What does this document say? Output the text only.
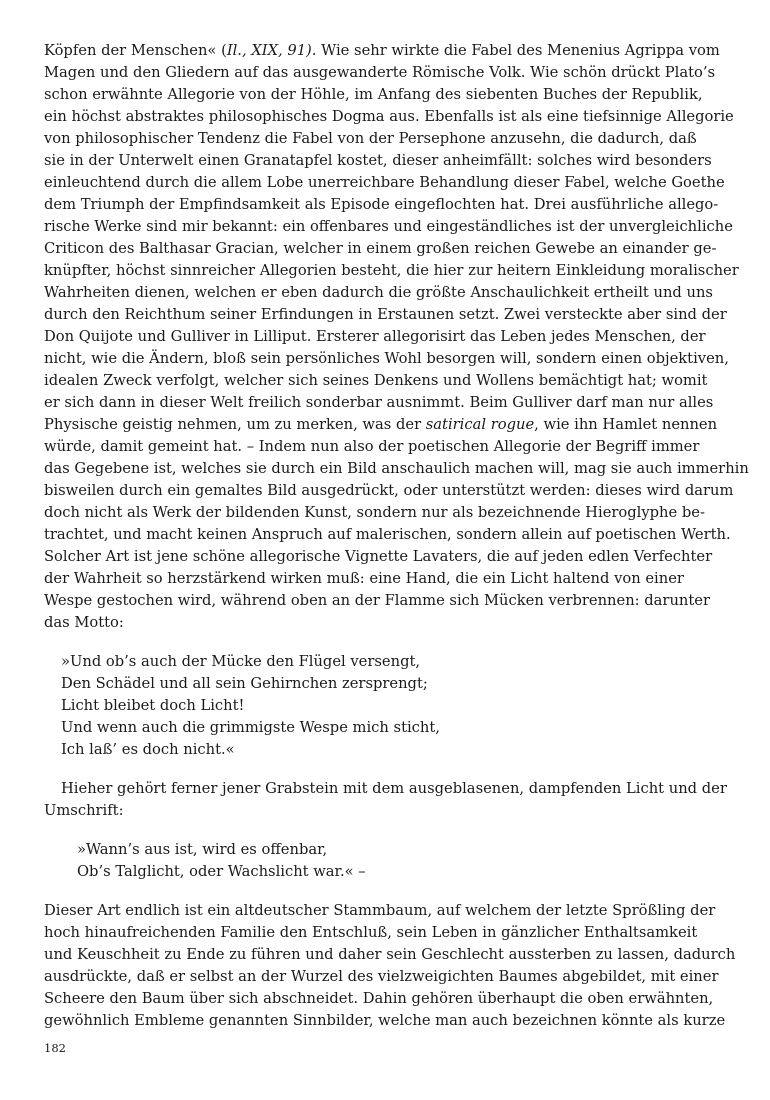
Köpfen der Menschen« (Il., XIX, 91). Wie sehr wirkte die Fabel des Menenius Agrippa vom
Magen und den Gliedern auf das ausgewanderte Römische Volk. Wie schön drückt Plato’s
schon erwähnte Allegorie von der Höhle, im Anfang des siebenten Buches der Republik,
ein höchst abstraktes philosophisches Dogma aus. Ebenfalls ist als eine tiefsinnige Allegorie
von philosophischer Tendenz die Fabel von der Persephone anzusehn, die dadurch, daß
sie in der Unterwelt einen Granatapfel kostet, dieser anheimfällt: solches wird besonders
einleuchtend durch die allem Lobe unerreichbare Behandlung dieser Fabel, welche Goethe
dem Triumph der Empfindsamkeit als Episode eingeflochten hat. Drei ausführliche allego-
rische Werke sind mir bekannt: ein offenbares und eingeständliches ist der unvergleichliche
Criticon des Balthasar Gracian, welcher in einem großen reichen Gewebe an einander ge-
knüpfter, höchst sinnreicher Allegorien besteht, die hier zur heitern Einkleidung moralischer
Wahrheiten dienen, welchen er eben dadurch die größte Anschaulichkeit ertheilt und uns
durch den Reichthum seiner Erfindungen in Erstaunen setzt. Zwei versteckte aber sind der
Don Quijote und Gulliver in Lilliput. Ersterer allegorisirt das Leben jedes Menschen, der
nicht, wie die Ändern, bloß sein persönliches Wohl besorgen will, sondern einen objektiven,
idealen Zweck verfolgt, welcher sich seines Denkens und Wollens bemächtigt hat; womit
er sich dann in dieser Welt freilich sonderbar ausnimmt. Beim Gulliver darf man nur alles
Physische geistig nehmen, um zu merken, was der satirical rogue, wie ihn Hamlet nennen
würde, damit gemeint hat. – Indem nun also der poetischen Allegorie der Begriff immer
das Gegebene ist, welches sie durch ein Bild anschaulich machen will, mag sie auch immerhin
bisweilen durch ein gemaltes Bild ausgedrückt, oder unterstützt werden: dieses wird darum
doch nicht als Werk der bildenden Kunst, sondern nur als bezeichnende Hieroglyphe be-
trachtet, und macht keinen Anspruch auf malerischen, sondern allein auf poetischen Werth.
Solcher Art ist jene schöne allegorische Vignette Lavaters, die auf jeden edlen Verfechter
der Wahrheit so herzstärkend wirken muß: eine Hand, die ein Licht haltend von einer
Wespe gestochen wird, während oben an der Flamme sich Mücken verbrennen: darunter
das Motto:
»Und ob’s auch der Mücke den Flügel versengt,
Den Schädel und all sein Gehirnchen zersprengt;
Licht bleibet doch Licht!
Und wenn auch die grimmigste Wespe mich sticht,
Ich laß’ es doch nicht.«
Hieher gehört ferner jener Grabstein mit dem ausgeblasenen, dampfenden Licht und der
Umschrift:
»Wann’s aus ist, wird es offenbar,
Ob’s Talglicht, oder Wachslicht war.« –
Dieser Art endlich ist ein altdeutscher Stammbaum, auf welchem der letzte Sprößling der
hoch hinaufreichenden Familie den Entschluß, sein Leben in gänzlicher Enthaltsamkeit
und Keuschheit zu Ende zu führen und daher sein Geschlecht aussterben zu lassen, dadurch
ausdrückte, daß er selbst an der Wurzel des vielzweigichten Baumes abgebildet, mit einer
Scheere den Baum über sich abschneidet. Dahin gehören überhaupt die oben erwähnten,
gewöhnlich Embleme genannten Sinnbilder, welche man auch bezeichnen könnte als kurze
182
